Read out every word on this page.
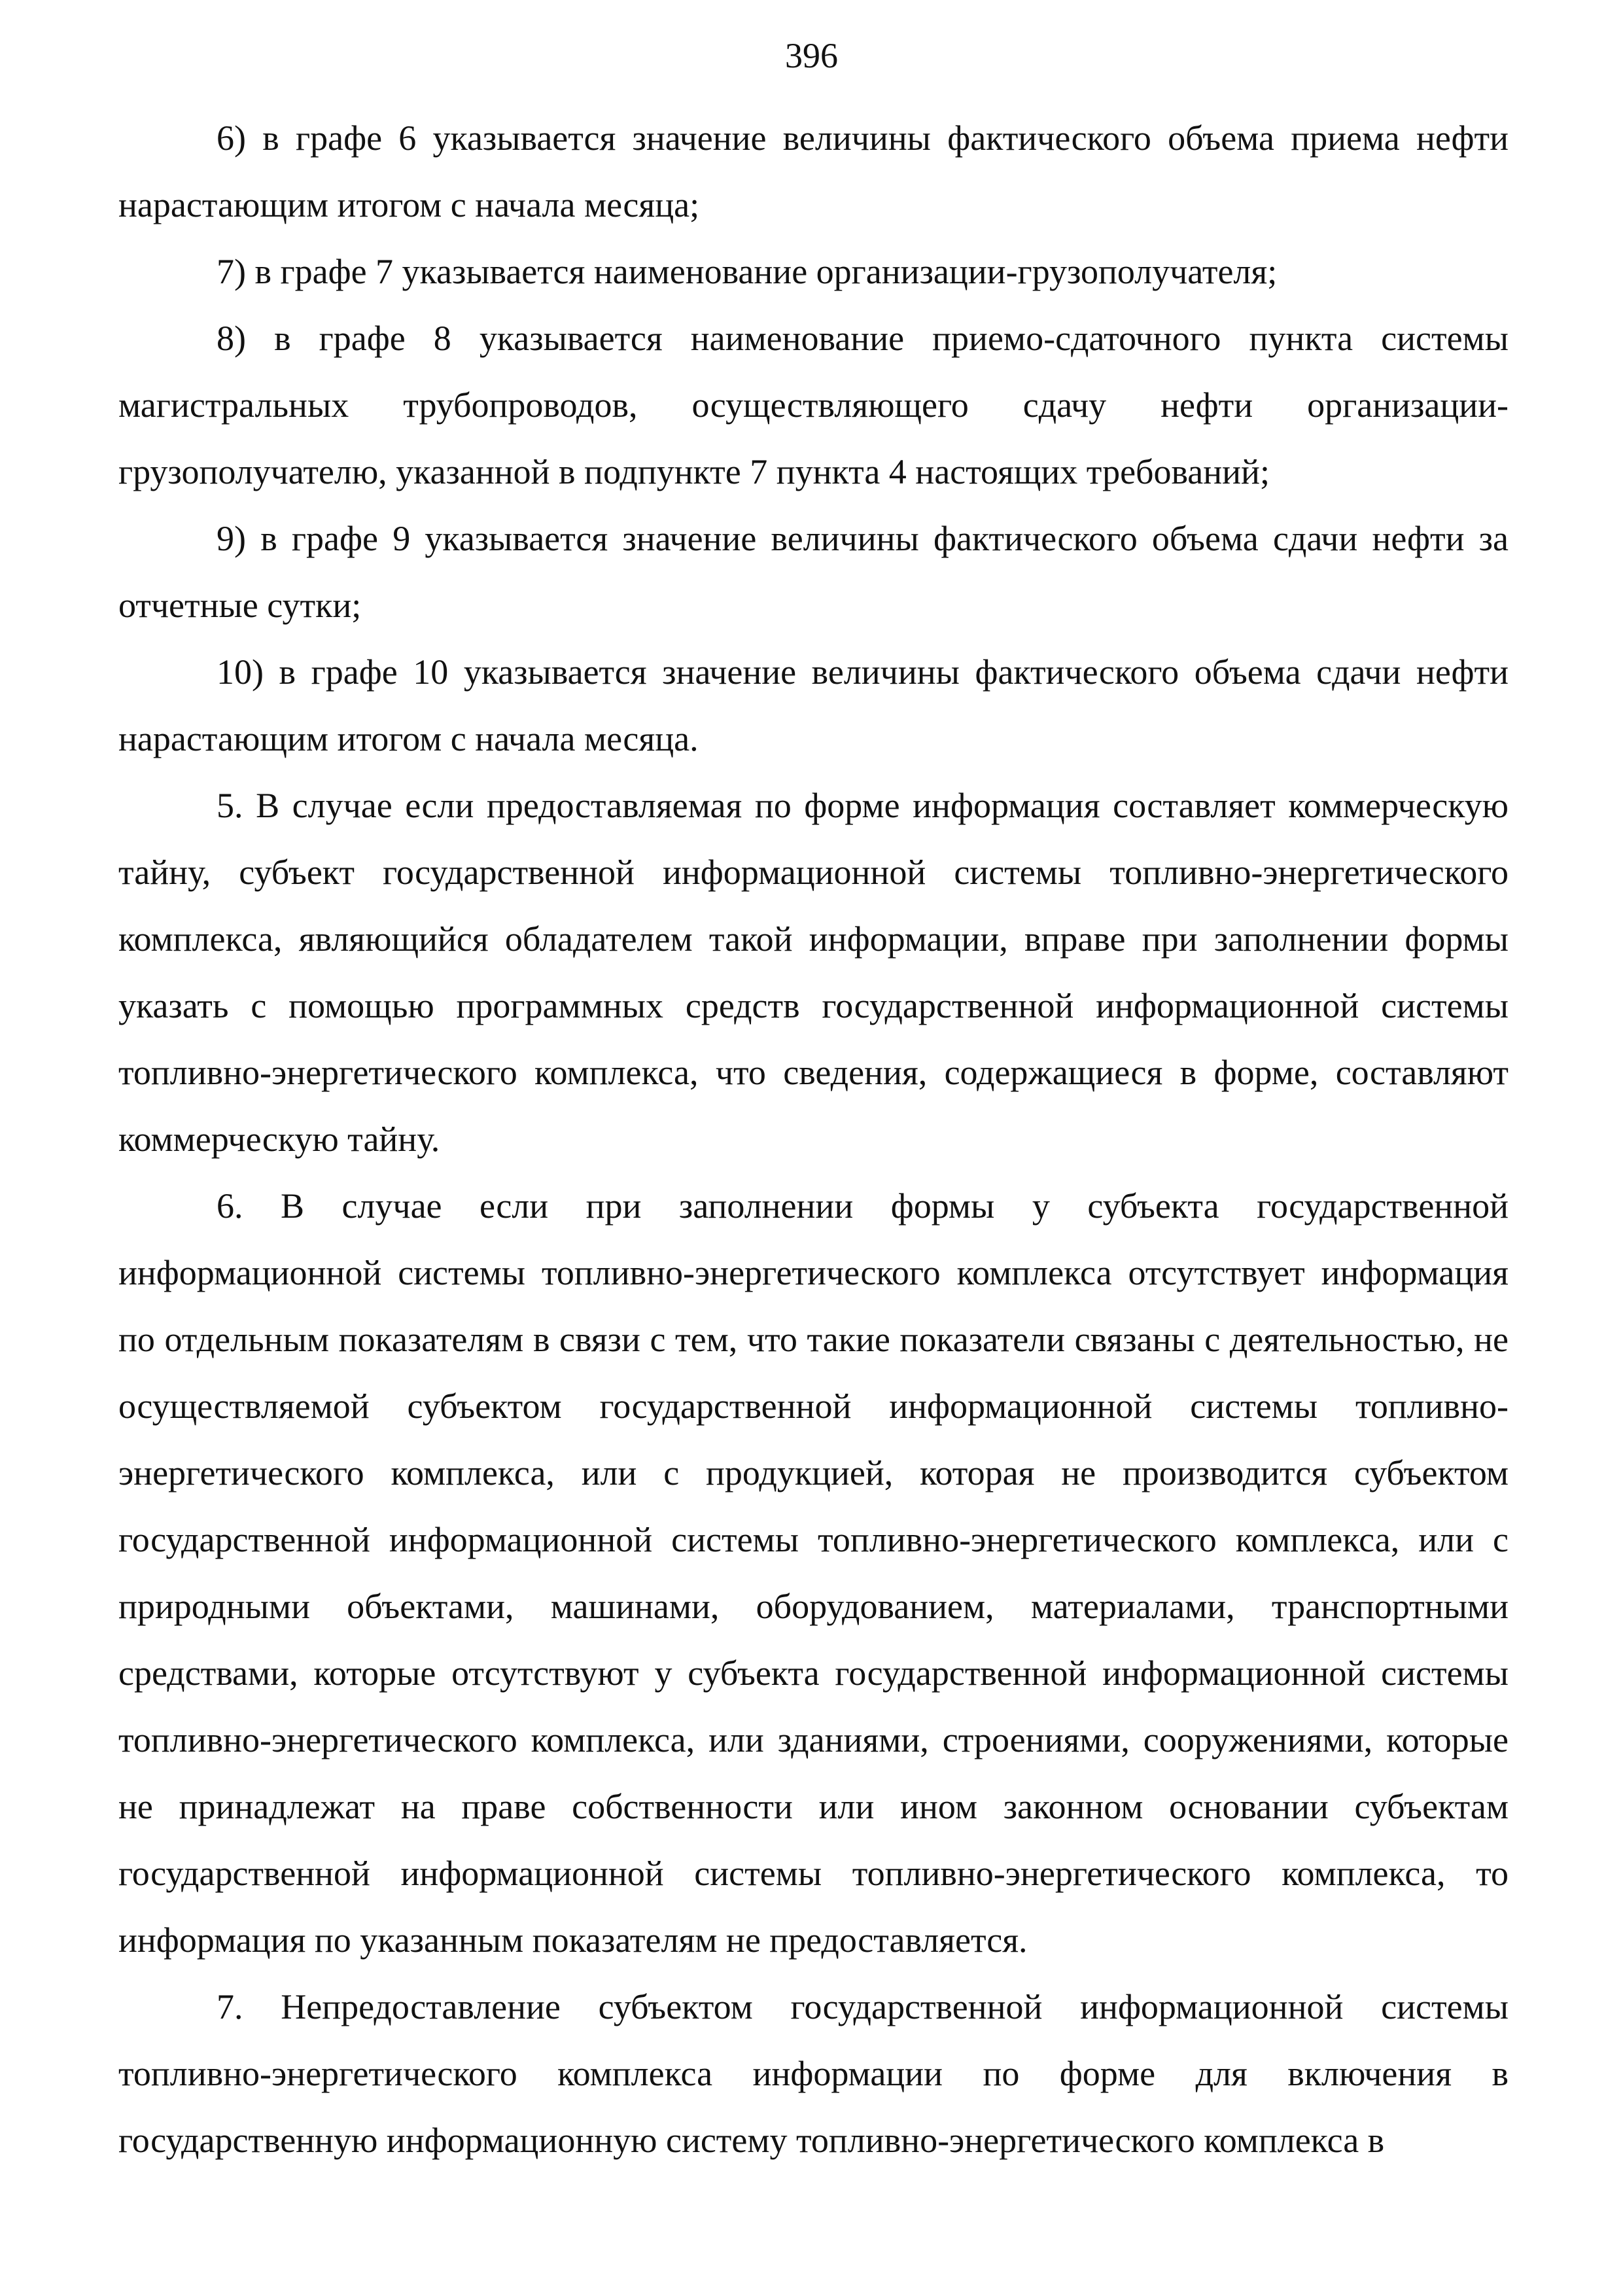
396

6) в графе 6 указывается значение величины фактического объема приема нефти нарастающим итогом с начала месяца;

7) в графе 7 указывается наименование организации-грузополучателя;

8) в графе 8 указывается наименование приемо-сдаточного пункта системы магистральных трубопроводов, осуществляющего сдачу нефти организации-грузополучателю, указанной в подпункте 7 пункта 4 настоящих требований;

9) в графе 9 указывается значение величины фактического объема сдачи нефти за отчетные сутки;

10) в графе 10 указывается значение величины фактического объема сдачи нефти нарастающим итогом с начала месяца.

5. В случае если предоставляемая по форме информация составляет коммерческую тайну, субъект государственной информационной системы топливно-энергетического комплекса, являющийся обладателем такой информации, вправе при заполнении формы указать с помощью программных средств государственной информационной системы топливно-энергетического комплекса, что сведения, содержащиеся в форме, составляют коммерческую тайну.

6. В случае если при заполнении формы у субъекта государственной информационной системы топливно-энергетического комплекса отсутствует информация по отдельным показателям в связи с тем, что такие показатели связаны с деятельностью, не осуществляемой субъектом государственной информационной системы топливно-энергетического комплекса, или с продукцией, которая не производится субъектом государственной информационной системы топливно-энергетического комплекса, или с природными объектами, машинами, оборудованием, материалами, транспортными средствами, которые отсутствуют у субъекта государственной информационной системы топливно-энергетического комплекса, или зданиями, строениями, сооружениями, которые не принадлежат на праве собственности или ином законном основании субъектам государственной информационной системы топливно-энергетического комплекса, то информация по указанным показателям не предоставляется.

7. Непредоставление субъектом государственной информационной системы топливно-энергетического комплекса информации по форме для включения в государственную информационную систему топливно-энергетического комплекса в
